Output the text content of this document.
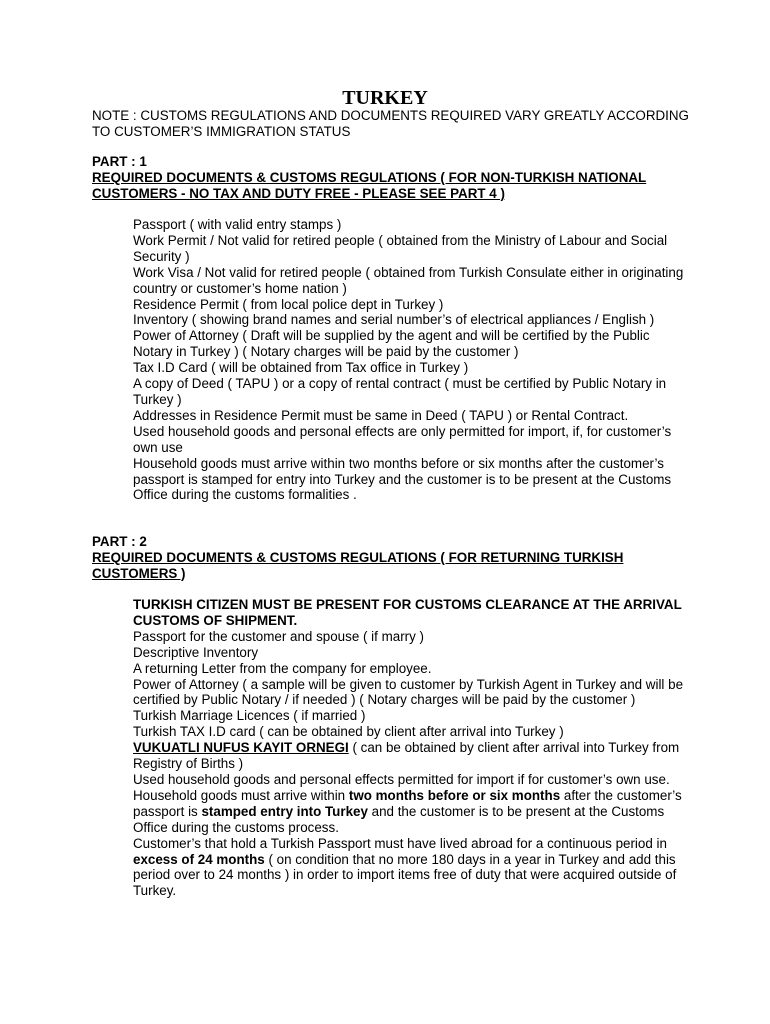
TURKEY
NOTE : CUSTOMS REGULATIONS AND DOCUMENTS REQUIRED VARY GREATLY ACCORDING TO CUSTOMER’S IMMIGRATION STATUS
PART : 1
REQUIRED DOCUMENTS & CUSTOMS REGULATIONS ( FOR NON-TURKISH NATIONAL CUSTOMERS - NO TAX AND DUTY FREE - PLEASE SEE PART 4 )
Passport ( with valid entry stamps )
Work Permit / Not valid for retired people ( obtained from the Ministry of Labour and Social Security )
Work Visa / Not valid for retired people ( obtained from Turkish Consulate either in originating country or customer’s home nation )
Residence Permit ( from local police dept in Turkey )
Inventory ( showing brand names and serial number’s of electrical appliances / English )
Power of Attorney ( Draft will be supplied by the agent and will be certified by the Public Notary in Turkey ) ( Notary charges will be paid by the customer )
Tax I.D Card ( will be obtained from Tax office in Turkey )
A copy of Deed ( TAPU ) or a copy of rental contract ( must be certified by Public Notary in Turkey )
Addresses in Residence Permit must be same in Deed ( TAPU ) or Rental Contract.
Used household goods and personal effects are only permitted for import, if, for customer’s own use
Household goods must arrive within two months before or six months after the customer’s passport is stamped for entry into Turkey and the customer is to be present at the Customs Office during the customs formalities .
PART : 2
REQUIRED DOCUMENTS & CUSTOMS REGULATIONS ( FOR RETURNING TURKISH CUSTOMERS )
TURKISH CITIZEN MUST BE PRESENT FOR CUSTOMS CLEARANCE AT THE ARRIVAL CUSTOMS OF SHIPMENT.
Passport for the customer and spouse ( if marry )
Descriptive Inventory
A returning Letter from the company for employee.
Power of Attorney ( a sample will be given to customer by Turkish Agent in Turkey and will be certified by Public Notary / if needed ) ( Notary charges will be paid by the customer )
Turkish Marriage Licences ( if married )
Turkish TAX I.D card ( can be obtained by client after arrival into Turkey )
VUKUATLI NUFUS KAYIT ORNEGI ( can be obtained by client after arrival into Turkey from Registry of Births )
Used household goods and personal effects permitted for import if for customer’s own use.
Household goods must arrive within two months before or six months after the customer’s
passport is stamped entry into Turkey and the customer is to be present at the Customs Office during the customs process.
Customer’s that hold a Turkish Passport must have lived abroad for a continuous period in excess of 24 months ( on condition that no more 180 days in a year in Turkey and add this period over to 24 months ) in order to import items free of duty that were acquired outside of Turkey.
